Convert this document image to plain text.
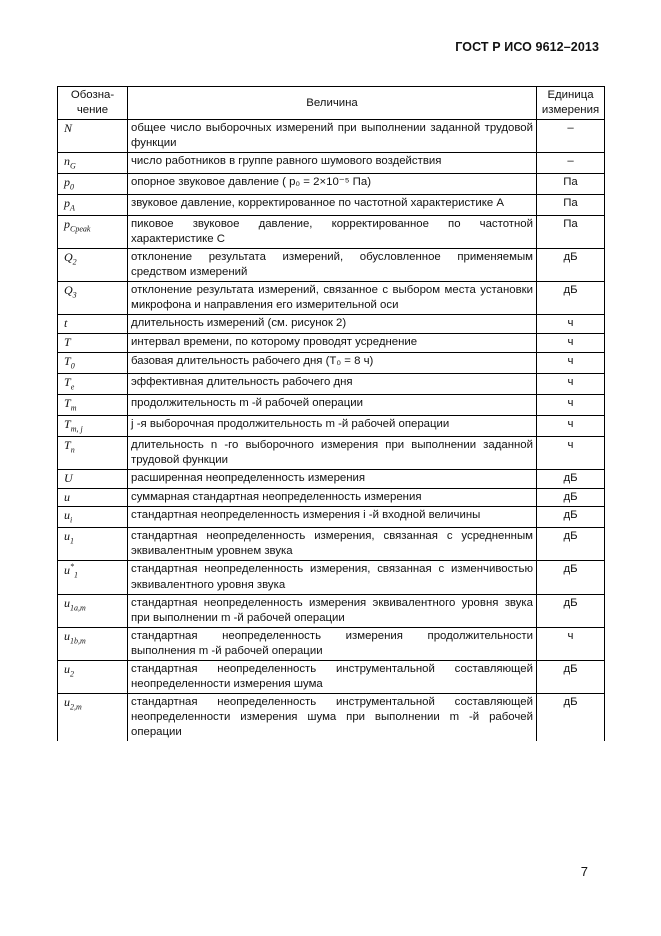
ГОСТ Р ИСО 9612–2013
Обозна-чение	Величина	Единица измерения
N	общее число выборочных измерений при выполнении заданной трудовой функции	–
$n_G$	число работников в группе равного шумового воздействия	–
$p_0$	опорное звуковое давление ( p₀ = 2×10⁻⁵ Па)	Па
$p_A$	звуковое давление, корректированное по частотной характеристике А	Па
$p_{Cpeak}$	пиковое звуковое давление, корректированное по частотной характеристике С	Па
$Q_2$	отклонение результата измерений, обусловленное применяемым средством измерений	дБ
$Q_3$	отклонение результата измерений, связанное с выбором места установки микрофона и направления его измерительной оси	дБ
t	длительность измерений (см. рисунок 2)	ч
T	интервал времени, по которому проводят усреднение	ч
$T_0$	базовая длительность рабочего дня (T₀ = 8 ч)	ч
$T_e$	эффективная длительность рабочего дня	ч
$T_m$	продолжительность m -й рабочей операции	ч
$T_{m, j}$	j -я выборочная продолжительность m -й рабочей операции	ч
$T_n$	длительность n -го выборочного измерения при выполнении заданной трудовой функции	ч
U	расширенная неопределенность измерения	дБ
u	суммарная стандартная неопределенность измерения	дБ
$u_i$	стандартная неопределенность измерения i -й входной величины	дБ
$u_1$	стандартная неопределенность измерения, связанная с усредненным эквивалентным уровнем звука	дБ
$u^*_1$	стандартная неопределенность измерения, связанная с изменчивостью эквивалентного уровня звука	дБ
$u_{1a,m}$	стандартная неопределенность измерения эквивалентного уровня звука при выполнении m -й рабочей операции	дБ
$u_{1b,m}$	стандартная неопределенность измерения продолжительности выполнения m -й рабочей операции	ч
$u_2$	стандартная неопределенность инструментальной составляющей неопределенности измерения шума	дБ
$u_{2,m}$	стандартная неопределенность инструментальной составляющей неопределенности измерения шума при выполнении m -й рабочей операции	дБ
7
